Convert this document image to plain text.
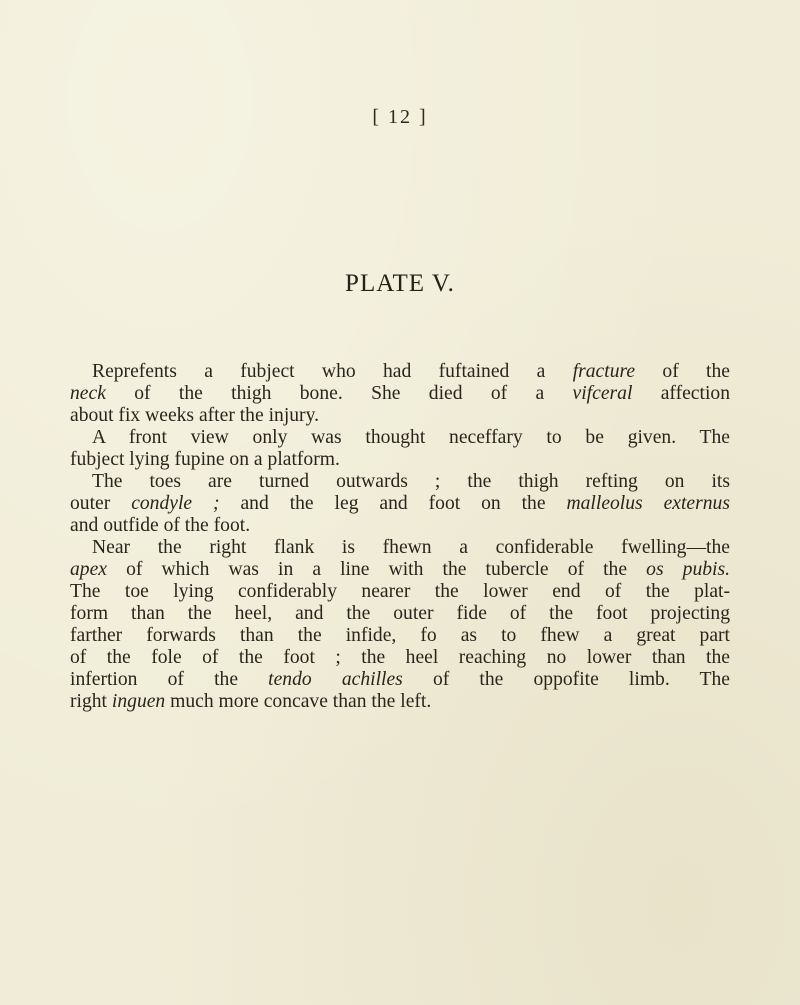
[ 12 ]
PLATE V.
Reprefents a fubject who had fuftained a fracture of the
neck of the thigh bone. She died of a vifceral affection
about fix weeks after the injury.
A front view only was thought neceffary to be given. The
fubject lying fupine on a platform.
The toes are turned outwards ; the thigh refting on its
outer condyle ; and the leg and foot on the malleolus externus
and outfide of the foot.
Near the right flank is fhewn a confiderable fwelling—the
apex of which was in a line with the tubercle of the os pubis.
The toe lying confiderably nearer the lower end of the plat-
form than the heel, and the outer fide of the foot projecting
farther forwards than the infide, fo as to fhew a great part
of the fole of the foot ; the heel reaching no lower than the
infertion of the tendo achilles of the oppofite limb. The
right inguen much more concave than the left.
